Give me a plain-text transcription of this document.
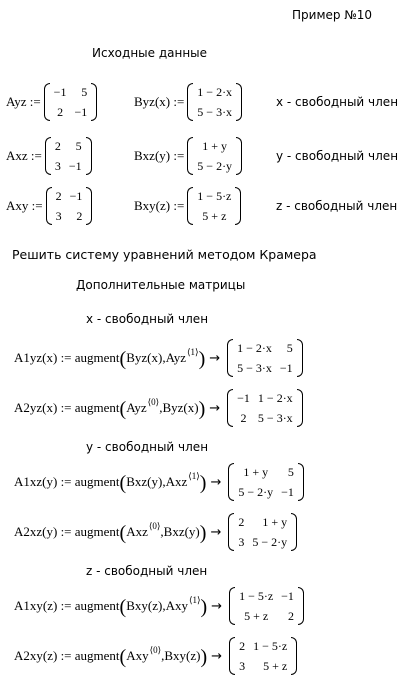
Пример №10
Исходные данные
Ayz :=
−1	5
2	−1
Byz(x) :=
1 − 2·x
5 − 3·x
x - свободный член
Axz :=
2	5
3	−1
Bxz(y) :=
1 + y
5 − 2·y
y - свободный член
Axy :=
2	−1
3	2
Bxy(z) :=
1 − 5·z
5 + z
z - свободный член
Решить систему уравнений методом Крамера
Дополнительные матрицы
x - свободный член
A1yz(x) := augment ( Byz(x) , Ayz$^{⟨1⟩}$ ) →
1 − 2·x	5
5 − 3·x	−1
A2yz(x) := augment ( Ayz$^{⟨0⟩}$ , Byz(x) ) →
−1	1 − 2·x
2	5 − 3·x
y - свободный член
A1xz(y) := augment ( Bxz(y) , Axz$^{⟨1⟩}$ ) →
1 + y	5
5 − 2·y	−1
A2xz(y) := augment ( Axz$^{⟨0⟩}$ , Bxz(y) ) →
2	1 + y
3	5 − 2·y
z - свободный член
A1xy(z) := augment ( Bxy(z) , Axy$^{⟨1⟩}$ ) →
1 − 5·z	−1
5 + z	2
A2xy(z) := augment ( Axy$^{⟨0⟩}$ , Bxy(z) ) →
2	1 − 5·z
3	5 + z
